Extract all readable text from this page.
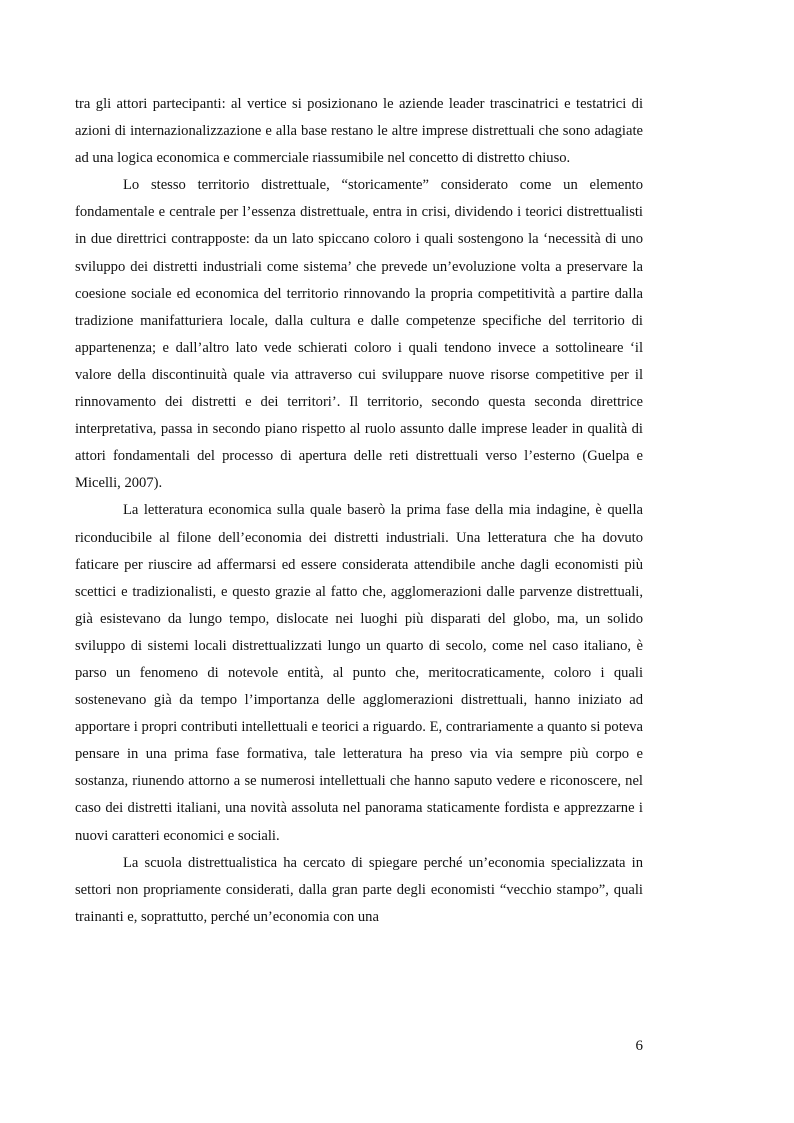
tra gli attori partecipanti: al vertice si posizionano le aziende leader trascinatrici e testatrici di azioni di internazionalizzazione e alla base restano le altre imprese distrettuali che sono adagiate ad una logica economica e commerciale riassumibile nel concetto di distretto chiuso.

Lo stesso territorio distrettuale, “storicamente” considerato come un elemento fondamentale e centrale per l’essenza distrettuale, entra in crisi, dividendo i teorici distrettualisti in due direttrici contrapposte: da un lato spiccano coloro i quali sostengono la ‘necessità di uno sviluppo dei distretti industriali come sistema’ che prevede un’evoluzione volta a preservare la coesione sociale ed economica del territorio rinnovando la propria competitività a partire dalla tradizione manifatturiera locale, dalla cultura e dalle competenze specifiche del territorio di appartenenza; e dall’altro lato vede schierati coloro i quali tendono invece a sottolineare ‘il valore della discontinuità quale via attraverso cui sviluppare nuove risorse competitive per il rinnovamento dei distretti e dei territori’. Il territorio, secondo questa seconda direttrice interpretativa, passa in secondo piano rispetto al ruolo assunto dalle imprese leader in qualità di attori fondamentali del processo di apertura delle reti distrettuali verso l’esterno (Guelpa e Micelli, 2007).

La letteratura economica sulla quale baserò la prima fase della mia indagine, è quella riconducibile al filone dell’economia dei distretti industriali. Una letteratura che ha dovuto faticare per riuscire ad affermarsi ed essere considerata attendibile anche dagli economisti più scettici e tradizionalisti, e questo grazie al fatto che, agglomerazioni dalle parvenze distrettuali, già esistevano da lungo tempo, dislocate nei luoghi più disparati del globo, ma, un solido sviluppo di sistemi locali distrettualizzati lungo un quarto di secolo, come nel caso italiano, è parso un fenomeno di notevole entità, al punto che, meritocraticamente, coloro i quali sostenevano già da tempo l’importanza delle agglomerazioni distrettuali, hanno iniziato ad apportare i propri contributi intellettuali e teorici a riguardo. E, contrariamente a quanto si poteva pensare in una prima fase formativa, tale letteratura ha preso via via sempre più corpo e sostanza, riunendo attorno a se numerosi intellettuali che hanno saputo vedere e riconoscere, nel caso dei distretti italiani, una novità assoluta nel panorama staticamente fordista e apprezzarne i nuovi caratteri economici e sociali.

La scuola distrettualistica ha cercato di spiegare perché un’economia specializzata in settori non propriamente considerati, dalla gran parte degli economisti “vecchio stampo”, quali trainanti e, soprattutto, perché un’economia con una

6
